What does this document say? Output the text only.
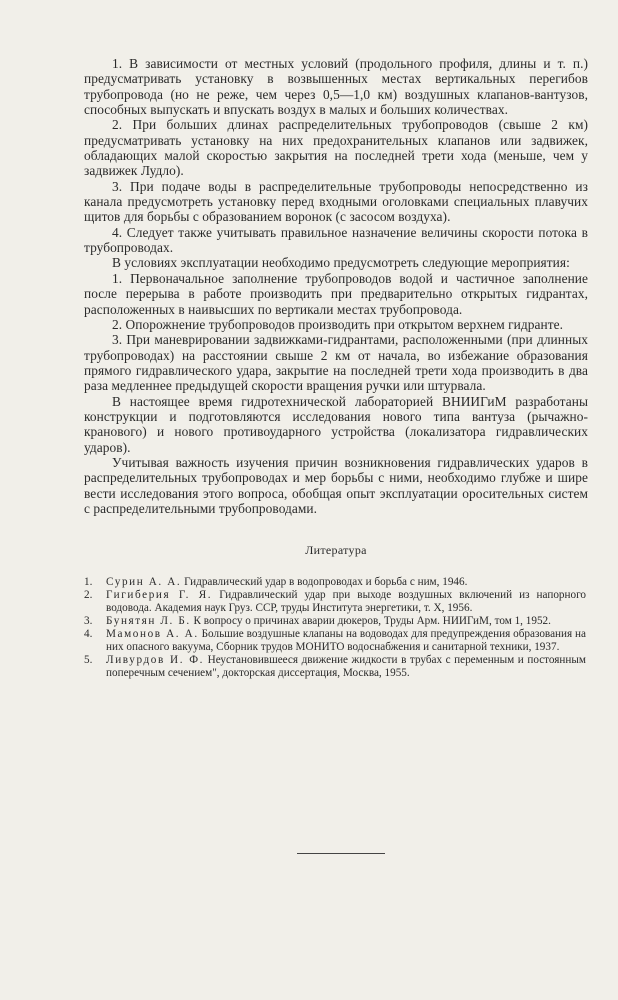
1. В зависимости от местных условий (продольного профиля, длины и т. п.) предусматривать установку в возвышенных местах вертикальных перегибов трубопровода (но не реже, чем через 0,5—1,0 км) воздушных клапанов-вантузов, способных выпускать и впускать воздух в малых и больших количествах.

2. При больших длинах распределительных трубопроводов (свыше 2 км) предусматривать установку на них предохранительных клапанов или задвижек, обладающих малой скоростью закрытия на последней трети хода (меньше, чем у задвижек Лудло).

3. При подаче воды в распределительные трубопроводы непосредственно из канала предусмотреть установку перед входными оголовками специальных плавучих щитов для борьбы с образованием воронок (с засосом воздуха).

4. Следует также учитывать правильное назначение величины скорости потока в трубопроводах.

В условиях эксплуатации необходимо предусмотреть следующие мероприятия:

1. Первоначальное заполнение трубопроводов водой и частичное заполнение после перерыва в работе производить при предварительно открытых гидрантах, расположенных в наивысших по вертикали местах трубопровода.

2. Опорожнение трубопроводов производить при открытом верхнем гидранте.

3. При маневрировании задвижками-гидрантами, расположенными (при длинных трубопроводах) на расстоянии свыше 2 км от начала, во избежание образования прямого гидравлического удара, закрытие на последней трети хода производить в два раза медленнее предыдущей скорости вращения ручки или штурвала.

В настоящее время гидротехнической лабораторией ВНИИГиМ разработаны конструкции и подготовляются исследования нового типа вантуза (рычажно-кранового) и нового противоударного устройства (локализатора гидравлических ударов).

Учитывая важность изучения причин возникновения гидравлических ударов в распределительных трубопроводах и мер борьбы с ними, необходимо глубже и шире вести исследования этого вопроса, обобщая опыт эксплуатации оросительных систем с распределительными трубопроводами.

Литература

1. Сурин А. А. Гидравлический удар в водопроводах и борьба с ним, 1946.

2. Гигиберия Г. Я. Гидравлический удар при выходе воздушных включений из напорного водовода. Академия наук Груз. ССР, труды Института энергетики, т. X, 1956.

3. Бунятян Л. Б. К вопросу о причинах аварии дюкеров, Труды Арм. НИИГиМ, том 1, 1952.

4. Мамонов А. А. Большие воздушные клапаны на водоводах для предупреждения образования на них опасного вакуума, Сборник трудов МОНИТО водоснабжения и санитарной техники, 1937.

5. Ливурдов И. Ф. Неустановившееся движение жидкости в трубах с переменным и постоянным поперечным сечением", докторская диссертация, Москва, 1955.
